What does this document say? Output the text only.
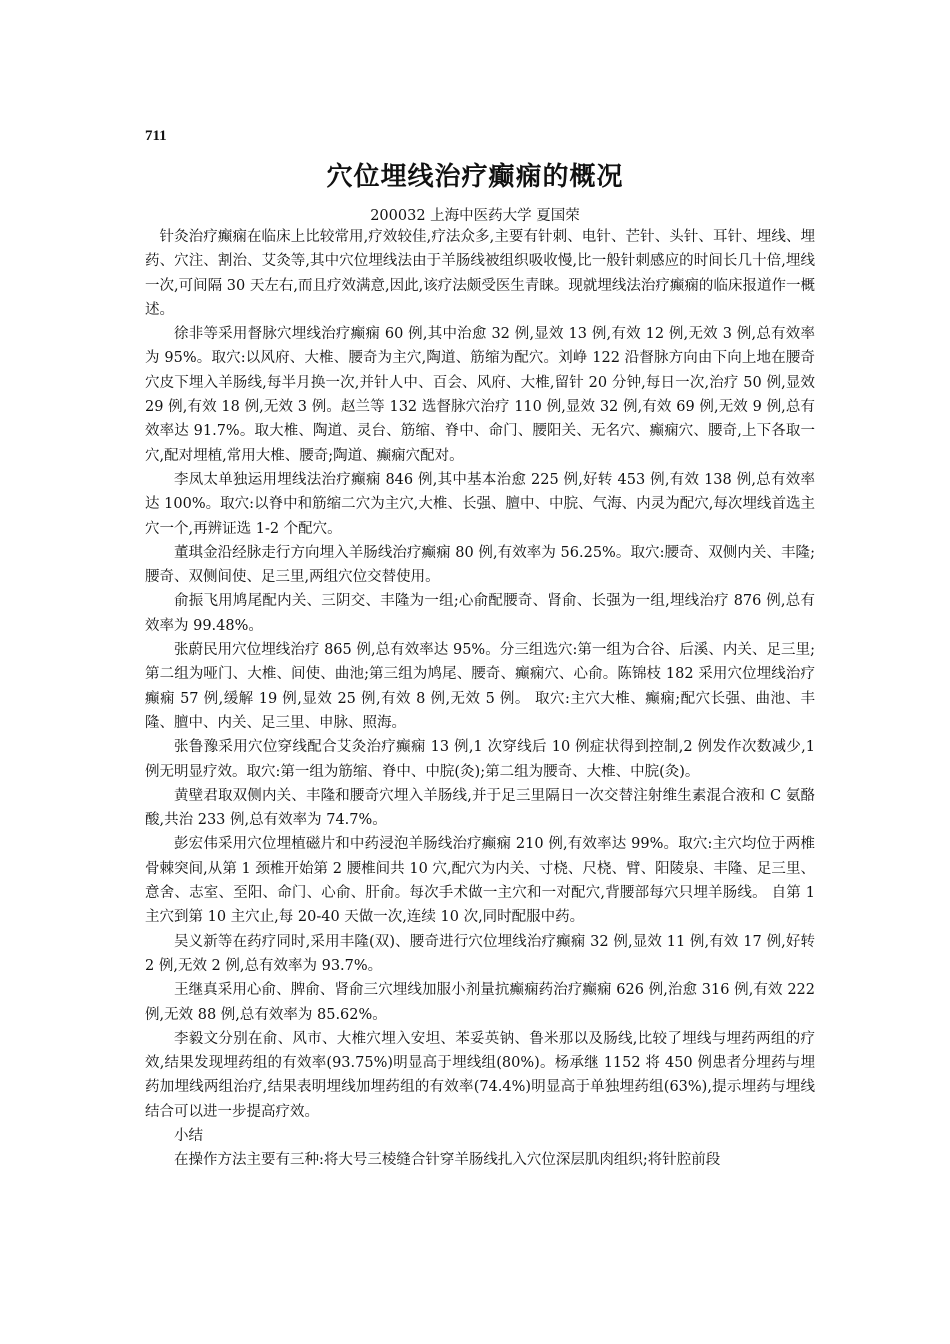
711
穴位埋线治疗癫痫的概况
200032 上海中医药大学 夏国荣

针灸治疗癫痫在临床上比较常用,疗效较佳,疗法众多,主要有针刺、电针、芒针、头针、耳针、埋线、埋药、穴注、割治、艾灸等,其中穴位埋线法由于羊肠线被组织吸收慢,比一般针刺感应的时间长几十倍,埋线一次,可间隔 30 天左右,而且疗效满意,因此,该疗法颇受医生青睐。现就埋线法治疗癫痫的临床报道作一概述。

徐非等采用督脉穴埋线治疗癫痫 60 例,其中治愈 32 例,显效 13 例,有效 12 例,无效 3 例,总有效率为 95%。取穴:以风府、大椎、腰奇为主穴,陶道、筋缩为配穴。刘峥 122 沿督脉方向由下向上地在腰奇穴皮下埋入羊肠线,每半月换一次,并针人中、百会、风府、大椎,留针 20 分钟,每日一次,治疗 50 例,显效 29 例,有效 18 例,无效 3 例。赵兰等 132 选督脉穴治疗 110 例,显效 32 例,有效 69 例,无效 9 例,总有效率达 91.7%。取大椎、陶道、灵台、筋缩、脊中、命门、腰阳关、无名穴、癫痫穴、腰奇,上下各取一穴,配对埋植,常用大椎、腰奇;陶道、癫痫穴配对。

李凤太单独运用埋线法治疗癫痫 846 例,其中基本治愈 225 例,好转 453 例,有效 138 例,总有效率达 100%。取穴:以脊中和筋缩二穴为主穴,大椎、长强、膻中、中脘、气海、内灵为配穴,每次埋线首选主穴一个,再辨证选 1-2 个配穴。

董琪金沿经脉走行方向埋入羊肠线治疗癫痫 80 例,有效率为 56.25%。取穴:腰奇、双侧内关、丰隆;腰奇、双侧间使、足三里,两组穴位交替使用。

俞振飞用鸠尾配内关、三阴交、丰隆为一组;心俞配腰奇、肾俞、长强为一组,埋线治疗 876 例,总有效率为 99.48%。

张蔚民用穴位埋线治疗 865 例,总有效率达 95%。分三组选穴:第一组为合谷、后溪、内关、足三里;第二组为哑门、大椎、间使、曲池;第三组为鸠尾、腰奇、癫痫穴、心俞。陈锦枝 182 采用穴位埋线治疗癫痫 57 例,缓解 19 例,显效 25 例,有效 8 例,无效 5 例。 取穴:主穴大椎、癫痫;配穴长强、曲池、丰隆、膻中、内关、足三里、申脉、照海。

张鲁豫采用穴位穿线配合艾灸治疗癫痫 13 例,1 次穿线后 10 例症状得到控制,2 例发作次数减少,1 例无明显疗效。取穴:第一组为筋缩、脊中、中脘(灸);第二组为腰奇、大椎、中脘(灸)。

黄壁君取双侧内关、丰隆和腰奇穴埋入羊肠线,并于足三里隔日一次交替注射维生素混合液和 C 氨酪酸,共治 233 例,总有效率为 74.7%。

彭宏伟采用穴位埋植磁片和中药浸泡羊肠线治疗癫痫 210 例,有效率达 99%。取穴:主穴均位于两椎骨棘突间,从第 1 颈椎开始第 2 腰椎间共 10 穴,配穴为内关、寸桡、尺桡、臂、阳陵泉、丰隆、足三里、意舍、志室、至阳、命门、心俞、肝俞。每次手术做一主穴和一对配穴,背腰部每穴只埋羊肠线。 自第 1 主穴到第 10 主穴止,每 20-40 天做一次,连续 10 次,同时配服中药。

吴义新等在药疗同时,采用丰隆(双)、腰奇进行穴位埋线治疗癫痫 32 例,显效 11 例,有效 17 例,好转 2 例,无效 2 例,总有效率为 93.7%。

王继真采用心俞、脾俞、肾俞三穴埋线加服小剂量抗癫痫药治疗癫痫 626 例,治愈 316 例,有效 222 例,无效 88 例,总有效率为 85.62%。

李毅文分别在俞、风市、大椎穴埋入安坦、苯妥英钠、鲁米那以及肠线,比较了埋线与埋药两组的疗效,结果发现埋药组的有效率(93.75%)明显高于埋线组(80%)。杨承继 1152 将 450 例患者分埋药与埋药加埋线两组治疗,结果表明埋线加埋药组的有效率(74.4%)明显高于单独埋药组(63%),提示埋药与埋线结合可以进一步提高疗效。

小结

在操作方法主要有三种:将大号三棱缝合针穿羊肠线扎入穴位深层肌肉组织;将针腔前段
